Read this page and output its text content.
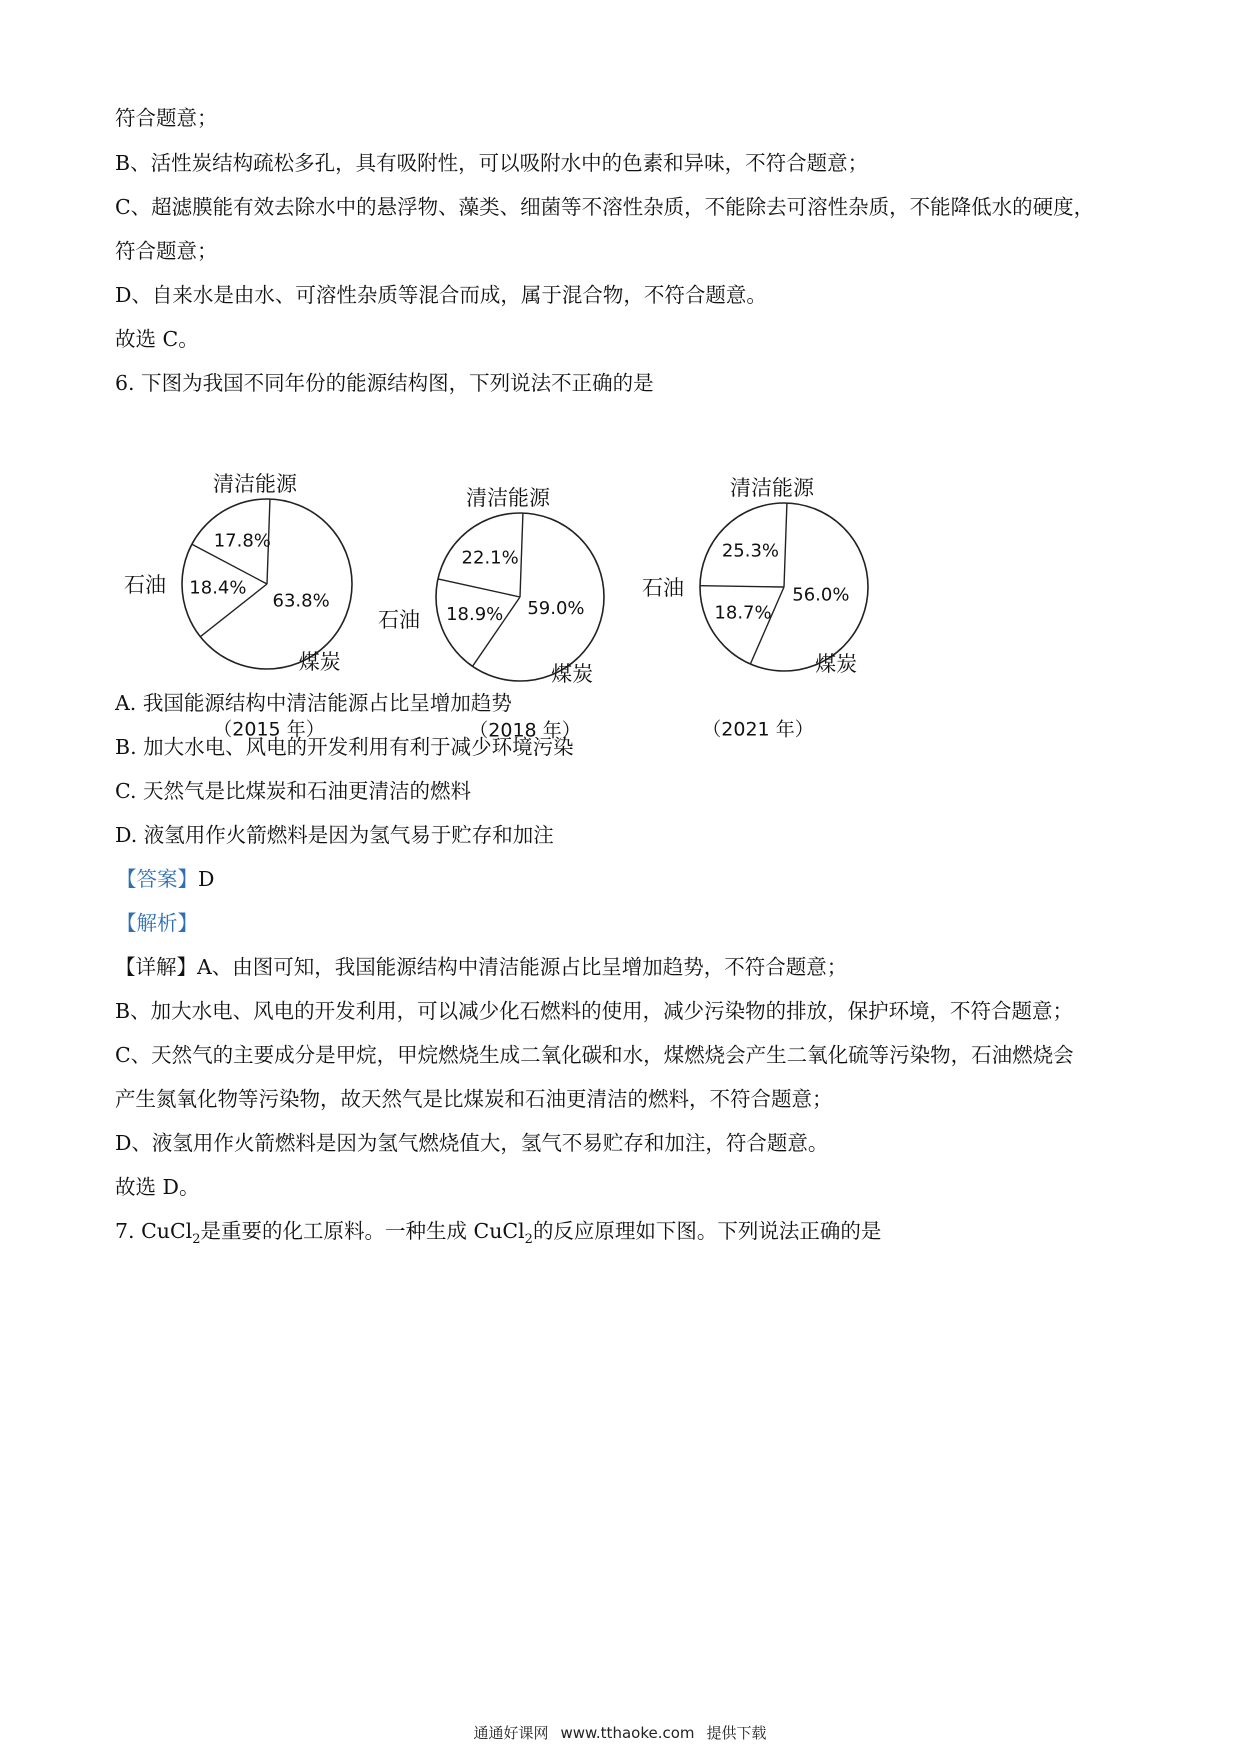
符合题意；

B、活性炭结构疏松多孔，具有吸附性，可以吸附水中的色素和异味，不符合题意；

C、超滤膜能有效去除水中的悬浮物、藻类、细菌等不溶性杂质，不能除去可溶性杂质，不能降低水的硬度，

符合题意；

D、自来水是由水、可溶性杂质等混合而成，属于混合物，不符合题意。

故选 C。

6. 下图为我国不同年份的能源结构图，下列说法不正确的是

17.8%
18.4%
63.8%
清洁能源
石油
煤炭
（2015 年）
22.1%
18.9% 59.0%
清洁能源
石油
煤炭
（2018 年）
25.3%
18.7%
56.0%
清洁能源
石油
煤炭
（2021 年）

A. 我国能源结构中清洁能源占比呈增加趋势

B. 加大水电、风电的开发利用有利于减少环境污染

C. 天然气是比煤炭和石油更清洁的燃料

D. 液氢用作火箭燃料是因为氢气易于贮存和加注

【答案】D

【解析】

【详解】A、由图可知，我国能源结构中清洁能源占比呈增加趋势，不符合题意；

B、加大水电、风电的开发利用，可以减少化石燃料的使用，减少污染物的排放，保护环境，不符合题意；

C、天然气的主要成分是甲烷，甲烷燃烧生成二氧化碳和水，煤燃烧会产生二氧化硫等污染物，石油燃烧会

产生氮氧化物等污染物，故天然气是比煤炭和石油更清洁的燃料，不符合题意；

D、液氢用作火箭燃料是因为氢气燃烧值大，氢气不易贮存和加注，符合题意。

故选 D。

7. CuCl$_2$是重要的化工原料。一种生成 CuCl$_2$的反应原理如下图。下列说法正确的是

通通好课网 www.tthaoke.com 提供下载
